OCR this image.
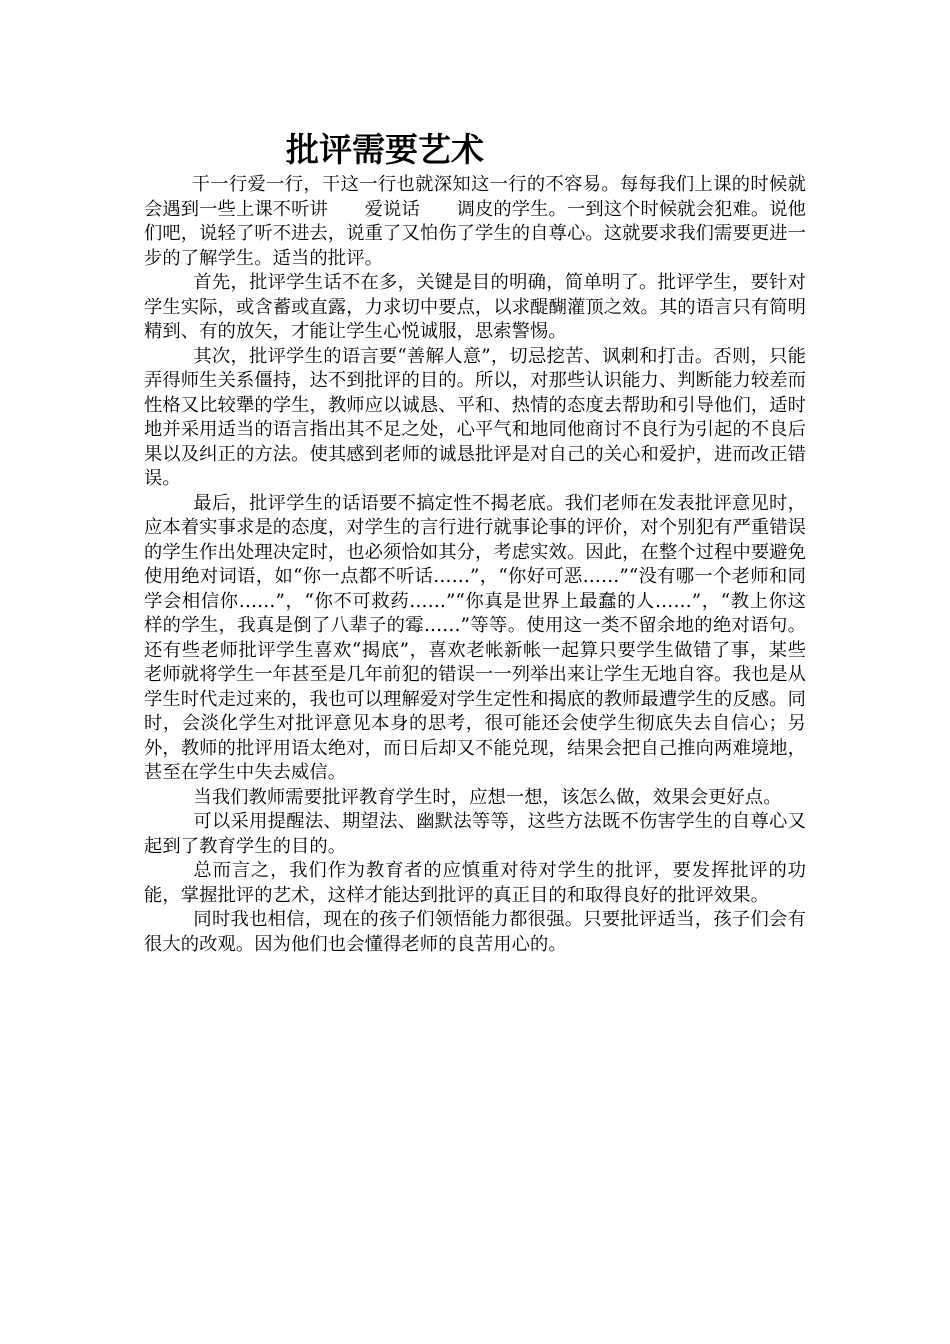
批评需要艺术

干一行爱一行，干这一行也就深知这一行的不容易。每每我们上课的时候就会遇到一些上课不听讲　　爱说话　　调皮的学生。一到这个时候就会犯难。说他们吧，说轻了听不进去，说重了又怕伤了学生的自尊心。这就要求我们需要更进一步的了解学生。适当的批评。

首先，批评学生话不在多，关键是目的明确，简单明了。批评学生，要针对学生实际，或含蓄或直露，力求切中要点，以求醍醐灌顶之效。其的语言只有简明精到、有的放矢，才能让学生心悦诚服，思索警惕。

其次，批评学生的语言要“善解人意”，切忌挖苦、讽刺和打击。否则，只能弄得师生关系僵持，达不到批评的目的。所以，对那些认识能力、判断能力较差而性格又比较犟的学生，教师应以诚恳、平和、热情的态度去帮助和引导他们，适时地并采用适当的语言指出其不足之处，心平气和地同他商讨不良行为引起的不良后果以及纠正的方法。使其感到老师的诚恳批评是对自己的关心和爱护，进而改正错误。

最后，批评学生的话语要不搞定性不揭老底。我们老师在发表批评意见时，应本着实事求是的态度，对学生的言行进行就事论事的评价，对个别犯有严重错误的学生作出处理决定时，也必须恰如其分，考虑实效。因此，在整个过程中要避免使用绝对词语，如“你一点都不听话……”，“你好可恶……”“没有哪一个老师和同学会相信你……”，“你不可救药……”“你真是世界上最蠢的人……”，“教上你这样的学生，我真是倒了八辈子的霉……”等等。使用这一类不留余地的绝对语句。还有些老师批评学生喜欢“揭底”，喜欢老帐新帐一起算只要学生做错了事，某些老师就将学生一年甚至是几年前犯的错误一一列举出来让学生无地自容。我也是从学生时代走过来的，我也可以理解爱对学生定性和揭底的教师最遭学生的反感。同时，会淡化学生对批评意见本身的思考，很可能还会使学生彻底失去自信心；另外，教师的批评用语太绝对，而日后却又不能兑现，结果会把自己推向两难境地，甚至在学生中失去威信。

当我们教师需要批评教育学生时，应想一想，该怎么做，效果会更好点。

可以采用提醒法、期望法、幽默法等等，这些方法既不伤害学生的自尊心又起到了教育学生的目的。

总而言之，我们作为教育者的应慎重对待对学生的批评，要发挥批评的功能，掌握批评的艺术，这样才能达到批评的真正目的和取得良好的批评效果。

同时我也相信，现在的孩子们领悟能力都很强。只要批评适当，孩子们会有很大的改观。因为他们也会懂得老师的良苦用心的。
